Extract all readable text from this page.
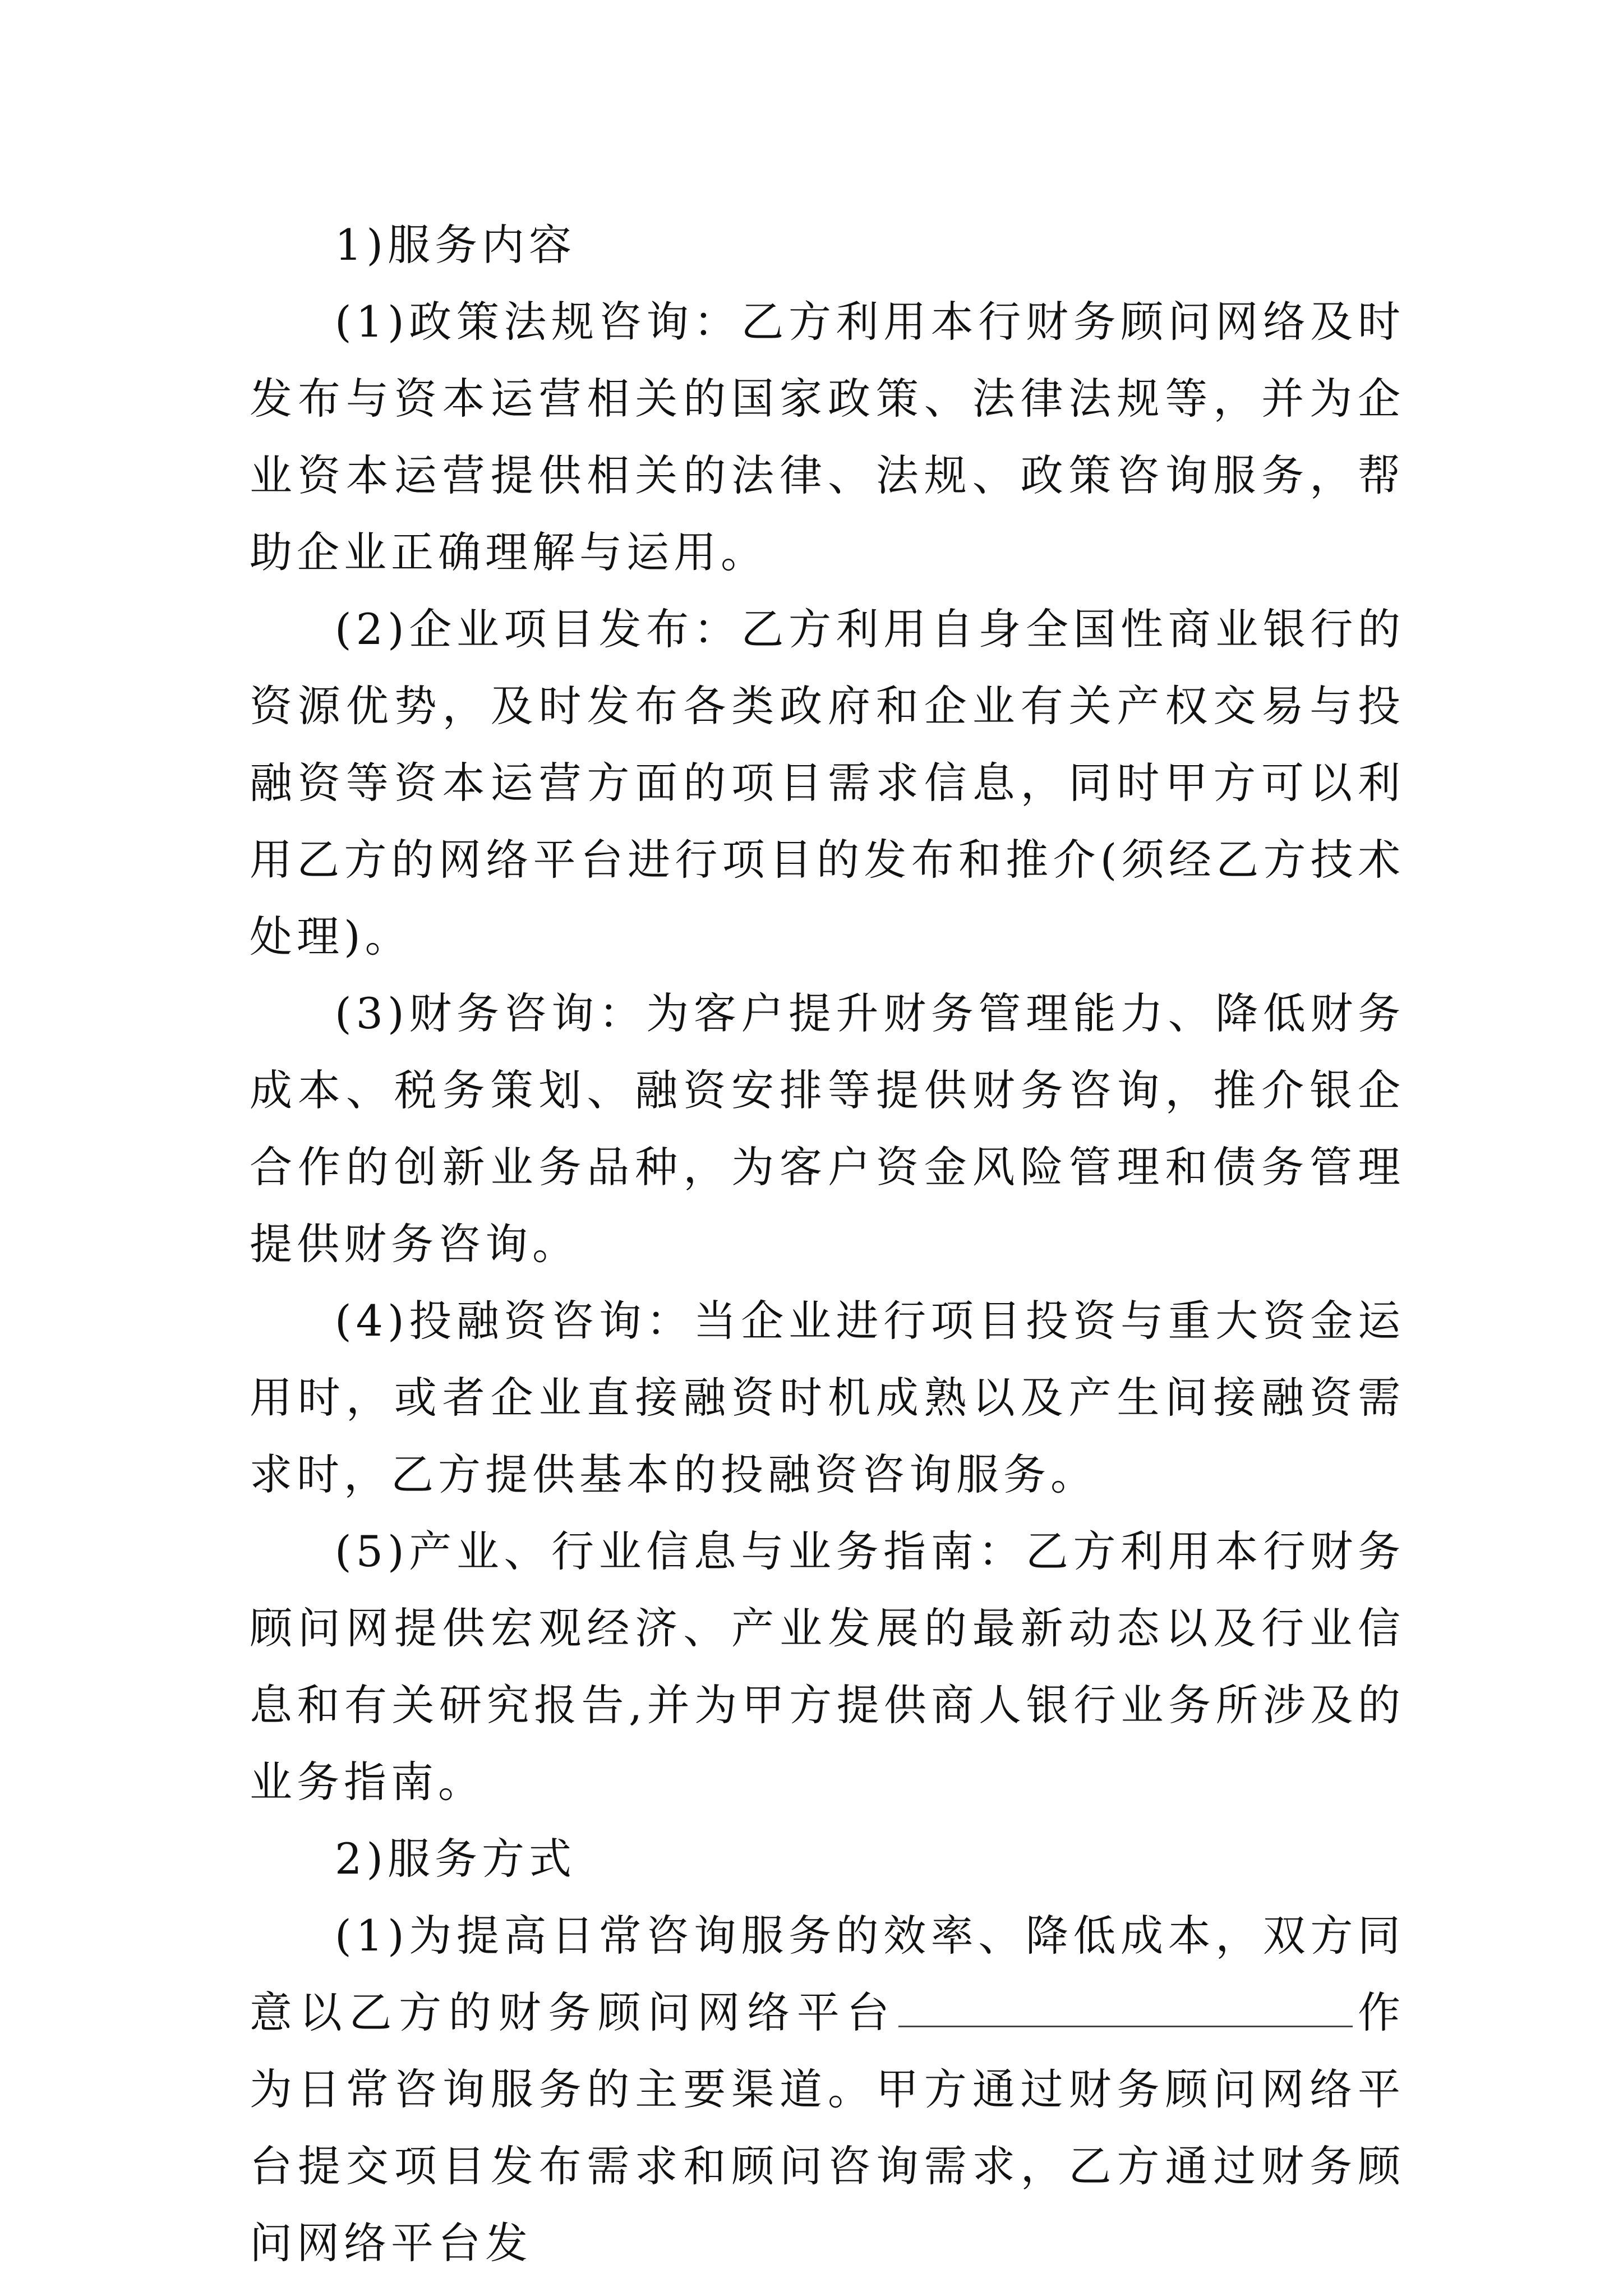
1)服务内容

(1)政策法规咨询：乙方利用本行财务顾问网络及时发布与资本运营相关的国家政策、法律法规等，并为企业资本运营提供相关的法律、法规、政策咨询服务，帮助企业正确理解与运用。

(2)企业项目发布：乙方利用自身全国性商业银行的资源优势，及时发布各类政府和企业有关产权交易与投融资等资本运营方面的项目需求信息，同时甲方可以利用乙方的网络平台进行项目的发布和推介(须经乙方技术处理)。

(3)财务咨询：为客户提升财务管理能力、降低财务成本、税务策划、融资安排等提供财务咨询，推介银企合作的创新业务品种，为客户资金风险管理和债务管理提供财务咨询。

(4)投融资咨询：当企业进行项目投资与重大资金运用时，或者企业直接融资时机成熟以及产生间接融资需求时，乙方提供基本的投融资咨询服务。

(5)产业、行业信息与业务指南：乙方利用本行财务顾问网提供宏观经济、产业发展的最新动态以及行业信息和有关研究报告,并为甲方提供商人银行业务所涉及的业务指南。

2)服务方式

(1)为提高日常咨询服务的效率、降低成本，双方同意以乙方的财务顾问网络平台	作为日常咨询服务的主要渠道。甲方通过财务顾问网络平台提交项目发布需求和顾问咨询需求，乙方通过财务顾问网络平台发
